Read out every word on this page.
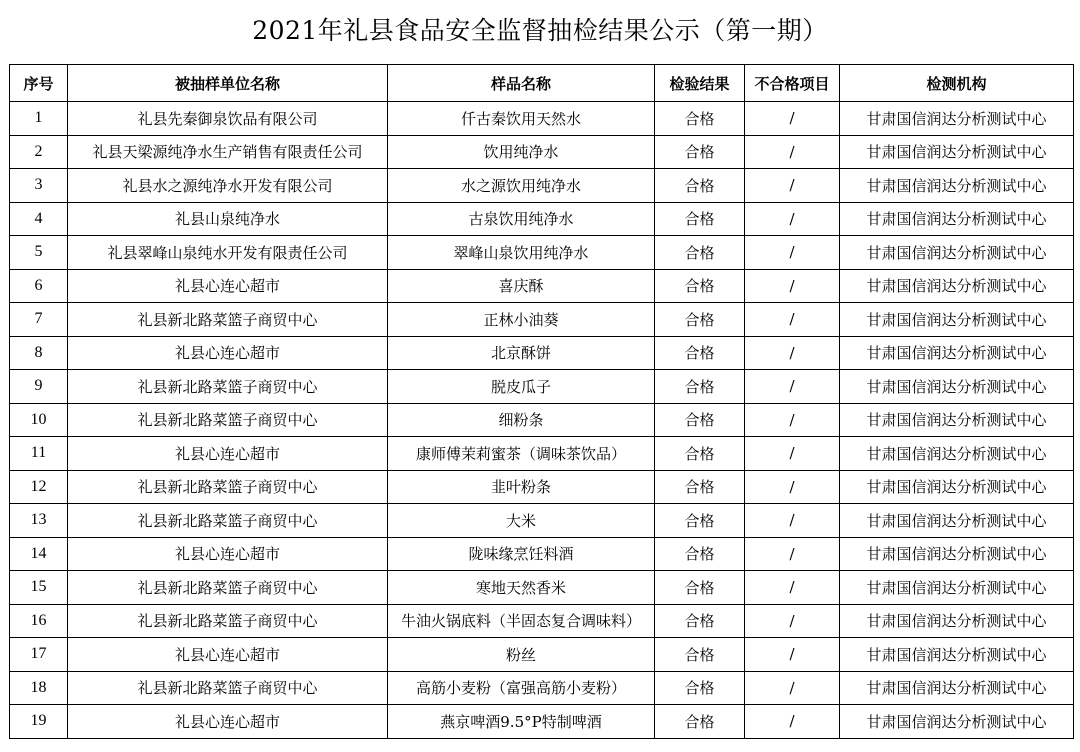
2021年礼县食品安全监督抽检结果公示（第一期）
序号	被抽样单位名称	样品名称	检验结果	不合格项目	检测机构
1	礼县先秦御泉饮品有限公司	仟古秦饮用天然水	合格	/	甘肃国信润达分析测试中心
2	礼县天梁源纯净水生产销售有限责任公司	饮用纯净水	合格	/	甘肃国信润达分析测试中心
3	礼县水之源纯净水开发有限公司	水之源饮用纯净水	合格	/	甘肃国信润达分析测试中心
4	礼县山泉纯净水	古泉饮用纯净水	合格	/	甘肃国信润达分析测试中心
5	礼县翠峰山泉纯水开发有限责任公司	翠峰山泉饮用纯净水	合格	/	甘肃国信润达分析测试中心
6	礼县心连心超市	喜庆酥	合格	/	甘肃国信润达分析测试中心
7	礼县新北路菜篮子商贸中心	正林小油葵	合格	/	甘肃国信润达分析测试中心
8	礼县心连心超市	北京酥饼	合格	/	甘肃国信润达分析测试中心
9	礼县新北路菜篮子商贸中心	脱皮瓜子	合格	/	甘肃国信润达分析测试中心
10	礼县新北路菜篮子商贸中心	细粉条	合格	/	甘肃国信润达分析测试中心
11	礼县心连心超市	康师傅茉莉蜜茶（调味茶饮品）	合格	/	甘肃国信润达分析测试中心
12	礼县新北路菜篮子商贸中心	韭叶粉条	合格	/	甘肃国信润达分析测试中心
13	礼县新北路菜篮子商贸中心	大米	合格	/	甘肃国信润达分析测试中心
14	礼县心连心超市	陇味缘烹饪料酒	合格	/	甘肃国信润达分析测试中心
15	礼县新北路菜篮子商贸中心	寒地天然香米	合格	/	甘肃国信润达分析测试中心
16	礼县新北路菜篮子商贸中心	牛油火锅底料（半固态复合调味料）	合格	/	甘肃国信润达分析测试中心
17	礼县心连心超市	粉丝	合格	/	甘肃国信润达分析测试中心
18	礼县新北路菜篮子商贸中心	高筋小麦粉（富强高筋小麦粉）	合格	/	甘肃国信润达分析测试中心
19	礼县心连心超市	燕京啤酒9.5°P特制啤酒	合格	/	甘肃国信润达分析测试中心
